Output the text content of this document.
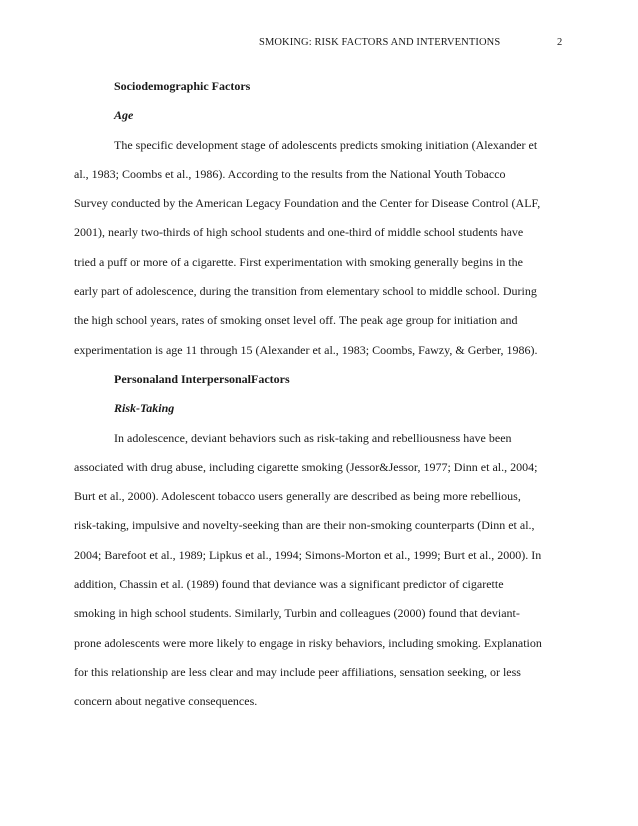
SMOKING: RISK FACTORS AND INTERVENTIONS	2
Sociodemographic Factors
Age

The specific development stage of adolescents predicts smoking initiation (Alexander et
al., 1983; Coombs et al., 1986). According to the results from the National Youth Tobacco
Survey conducted by the American Legacy Foundation and the Center for Disease Control (ALF,
2001), nearly two-thirds of high school students and one-third of middle school students have
tried a puff or more of a cigarette. First experimentation with smoking generally begins in the
early part of adolescence, during the transition from elementary school to middle school. During
the high school years, rates of smoking onset level off. The peak age group for initiation and
experimentation is age 11 through 15 (Alexander et al., 1983; Coombs, Fawzy, & Gerber, 1986).

Personaland InterpersonalFactors
Risk-Taking

In adolescence, deviant behaviors such as risk-taking and rebelliousness have been
associated with drug abuse, including cigarette smoking (Jessor&Jessor, 1977; Dinn et al., 2004;
Burt et al., 2000). Adolescent tobacco users generally are described as being more rebellious,
risk-taking, impulsive and novelty-seeking than are their non-smoking counterparts (Dinn et al.,
2004; Barefoot et al., 1989; Lipkus et al., 1994; Simons-Morton et al., 1999; Burt et al., 2000). In
addition, Chassin et al. (1989) found that deviance was a significant predictor of cigarette
smoking in high school students. Similarly, Turbin and colleagues (2000) found that deviant-
prone adolescents were more likely to engage in risky behaviors, including smoking. Explanation
for this relationship are less clear and may include peer affiliations, sensation seeking, or less
concern about negative consequences.
